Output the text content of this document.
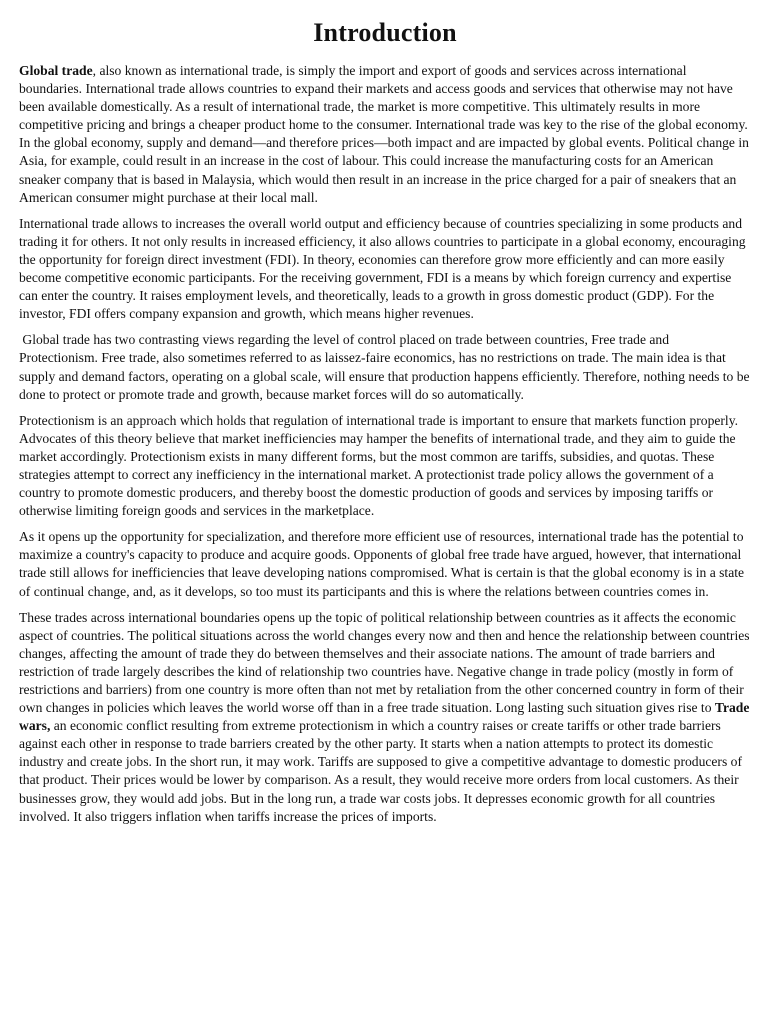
Introduction

Global trade, also known as international trade, is simply the import and export of goods and services across international boundaries. International trade allows countries to expand their markets and access goods and services that otherwise may not have been available domestically. As a result of international trade, the market is more competitive. This ultimately results in more competitive pricing and brings a cheaper product home to the consumer. International trade was key to the rise of the global economy. In the global economy, supply and demand—and therefore prices—both impact and are impacted by global events. Political change in Asia, for example, could result in an increase in the cost of labour. This could increase the manufacturing costs for an American sneaker company that is based in Malaysia, which would then result in an increase in the price charged for a pair of sneakers that an American consumer might purchase at their local mall.

International trade allows to increases the overall world output and efficiency because of countries specializing in some products and trading it for others. It not only results in increased efficiency, it also allows countries to participate in a global economy, encouraging the opportunity for foreign direct investment (FDI). In theory, economies can therefore grow more efficiently and can more easily become competitive economic participants. For the receiving government, FDI is a means by which foreign currency and expertise can enter the country. It raises employment levels, and theoretically, leads to a growth in gross domestic product (GDP). For the investor, FDI offers company expansion and growth, which means higher revenues.

Global trade has two contrasting views regarding the level of control placed on trade between countries, Free trade and Protectionism. Free trade, also sometimes referred to as laissez-faire economics, has no restrictions on trade. The main idea is that supply and demand factors, operating on a global scale, will ensure that production happens efficiently. Therefore, nothing needs to be done to protect or promote trade and growth, because market forces will do so automatically.

Protectionism is an approach which holds that regulation of international trade is important to ensure that markets function properly. Advocates of this theory believe that market inefficiencies may hamper the benefits of international trade, and they aim to guide the market accordingly. Protectionism exists in many different forms, but the most common are tariffs, subsidies, and quotas. These strategies attempt to correct any inefficiency in the international market. A protectionist trade policy allows the government of a country to promote domestic producers, and thereby boost the domestic production of goods and services by imposing tariffs or otherwise limiting foreign goods and services in the marketplace.

As it opens up the opportunity for specialization, and therefore more efficient use of resources, international trade has the potential to maximize a country's capacity to produce and acquire goods. Opponents of global free trade have argued, however, that international trade still allows for inefficiencies that leave developing nations compromised. What is certain is that the global economy is in a state of continual change, and, as it develops, so too must its participants and this is where the relations between countries comes in.

These trades across international boundaries opens up the topic of political relationship between countries as it affects the economic aspect of countries. The political situations across the world changes every now and then and hence the relationship between countries changes, affecting the amount of trade they do between themselves and their associate nations. The amount of trade barriers and restriction of trade largely describes the kind of relationship two countries have. Negative change in trade policy (mostly in form of restrictions and barriers) from one country is more often than not met by retaliation from the other concerned country in form of their own changes in policies which leaves the world worse off than in a free trade situation. Long lasting such situation gives rise to Trade wars, an economic conflict resulting from extreme protectionism in which a country raises or create tariffs or other trade barriers against each other in response to trade barriers created by the other party. It starts when a nation attempts to protect its domestic industry and create jobs. In the short run, it may work. Tariffs are supposed to give a competitive advantage to domestic producers of that product. Their prices would be lower by comparison. As a result, they would receive more orders from local customers. As their businesses grow, they would add jobs. But in the long run, a trade war costs jobs. It depresses economic growth for all countries involved. It also triggers inflation when tariffs increase the prices of imports.
